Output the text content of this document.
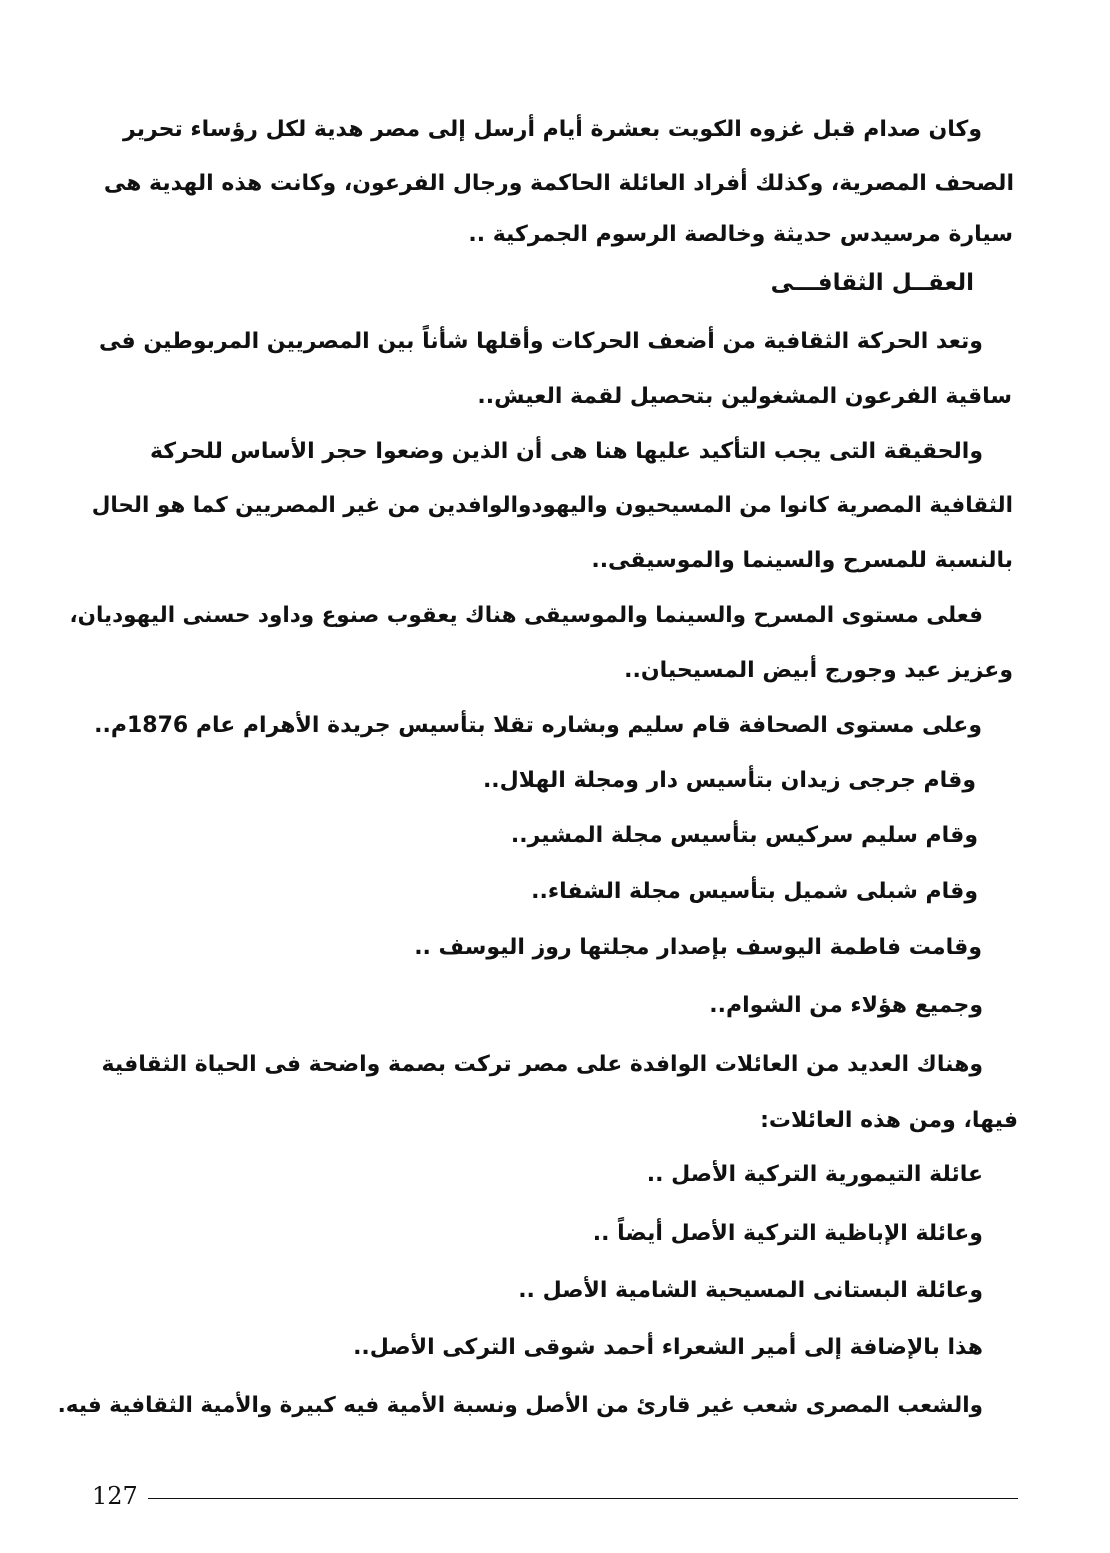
وكان صدام قبل غزوه الكويت بعشرة أيام أرسل إلى مصر هدية لكل رؤساء تحرير
الصحف المصرية، وكذلك أفراد العائلة الحاكمة ورجال الفرعون، وكانت هذه الهدية هى
سيارة مرسيدس حديثة وخالصة الرسوم الجمركية ..
العقــل الثقافـــى
وتعد الحركة الثقافية من أضعف الحركات وأقلها شأناً بين المصريين المربوطين فى
ساقية الفرعون المشغولين بتحصيل لقمة العيش..
والحقيقة التى يجب التأكيد عليها هنا هى أن الذين وضعوا حجر الأساس للحركة
الثقافية المصرية كانوا من المسيحيون واليهودوالوافدين من غير المصريين كما هو الحال
بالنسبة للمسرح والسينما والموسيقى..
فعلى مستوى المسرح والسينما والموسيقى هناك يعقوب صنوع وداود حسنى اليهوديان،
وعزيز عيد وجورج أبيض المسيحيان..
وعلى مستوى الصحافة قام سليم وبشاره تقلا بتأسيس جريدة الأهرام عام 1876م..
وقام جرجى زيدان بتأسيس دار ومجلة الهلال..
وقام سليم سركيس بتأسيس مجلة المشير..
وقام شبلى شميل بتأسيس مجلة الشفاء..
وقامت فاطمة اليوسف بإصدار مجلتها روز اليوسف ..
وجميع هؤلاء من الشوام..
وهناك العديد من العائلات الوافدة على مصر تركت بصمة واضحة فى الحياة الثقافية
فيها، ومن هذه العائلات:
عائلة التيمورية التركية الأصل ..
وعائلة الإباظية التركية الأصل أيضاً ..
وعائلة البستانى المسيحية الشامية الأصل ..
هذا بالإضافة إلى أمير الشعراء أحمد شوقى التركى الأصل..
والشعب المصرى شعب غير قارئ من الأصل ونسبة الأمية فيه كبيرة والأمية الثقافية فيه.
127
